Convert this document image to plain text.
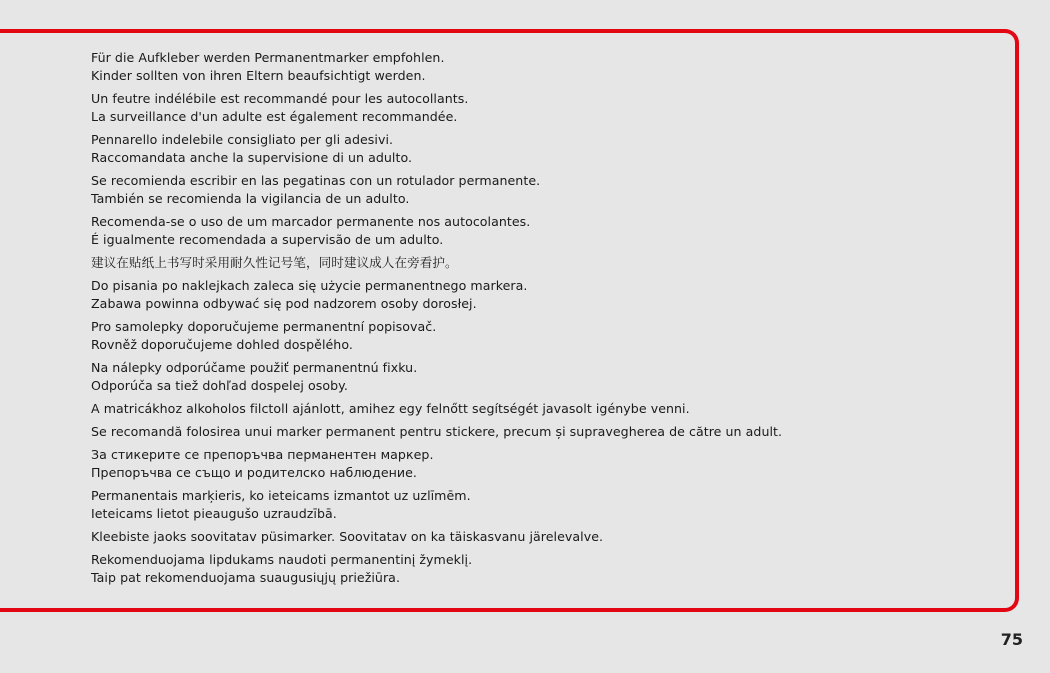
Für die Aufkleber werden Permanentmarker empfohlen.
Kinder sollten von ihren Eltern beaufsichtigt werden.
Un feutre indélébile est recommandé pour les autocollants.
La surveillance d'un adulte est également recommandée.
Pennarello indelebile consigliato per gli adesivi.
Raccomandata anche la supervisione di un adulto.
Se recomienda escribir en las pegatinas con un rotulador permanente.
También se recomienda la vigilancia de un adulto.
Recomenda-se o uso de um marcador permanente nos autocolantes.
É igualmente recomendada a supervisão de um adulto.
建议在贴纸上书写时采用耐久性记号笔，同时建议成人在旁看护。
Do pisania po naklejkach zaleca się użycie permanentnego markera.
Zabawa powinna odbywać się pod nadzorem osoby dorosłej.
Pro samolepky doporučujeme permanentní popisovač.
Rovněž doporučujeme dohled dospělého.
Na nálepky odporúčame použiť permanentnú fixku.
Odporúča sa tiež dohľad dospelej osoby.
A matricákhoz alkoholos filctoll ajánlott, amihez egy felnőtt segítségét javasolt igénybe venni.
Se recomandă folosirea unui marker permanent pentru stickere, precum și supravegherea de către un adult.
За стикерите се препоръчва перманентен маркер.
Препоръчва се също и родителско наблюдение.
Permanentais marķieris, ko ieteicams izmantot uz uzlīmēm.
Ieteicams lietot pieaugušo uzraudzībā.
Kleebiste jaoks soovitatav püsimarker. Soovitatav on ka täiskasvanu järelevalve.
Rekomenduojama lipdukams naudoti permanentinį žymeklį.
Taip pat rekomenduojama suaugusiųjų priežiūra.
75
